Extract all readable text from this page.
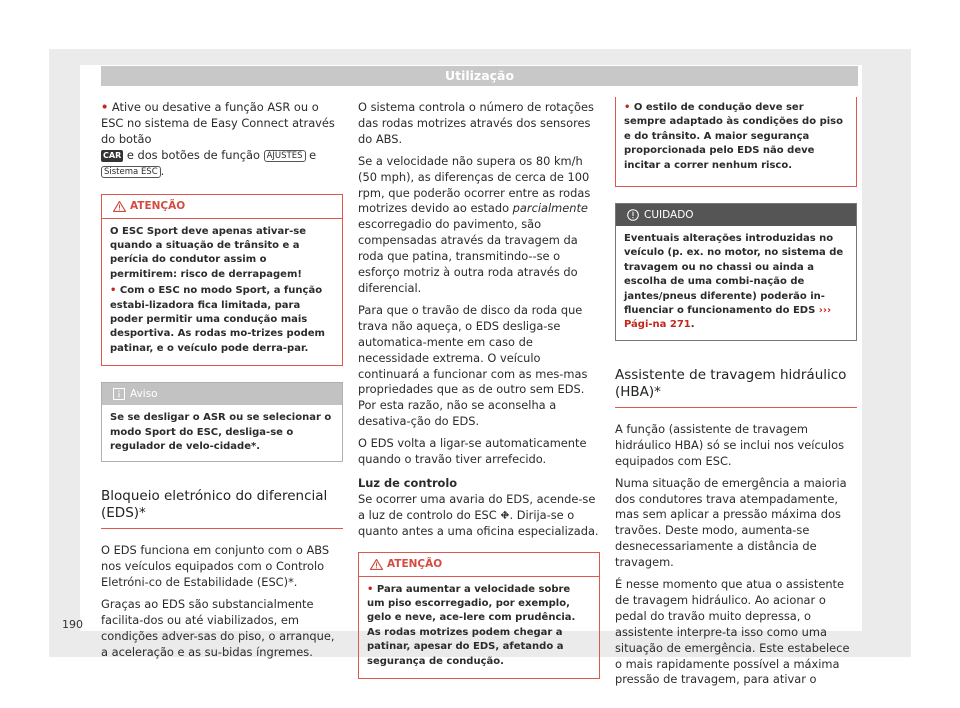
Utilização

• Ative ou desative a função ASR ou o ESC no sistema de Easy Connect através do botão
CAR e dos botões de função AJUSTES e
Sistema ESC .

ATENÇÃO

O ESC Sport deve apenas ativar-se quando a situação de trânsito e a perícia do condutor assim o permitirem: risco de derrapagem!

• Com o ESC no modo Sport, a função estabi-lizadora fica limitada, para poder permitir uma condução mais desportiva. As rodas mo-trizes podem patinar, e o veículo pode derra-par.

Aviso
Se se desligar o ASR ou se selecionar o modo Sport do ESC, desliga-se o regulador de velo-cidade*.
Bloqueio eletrónico do diferencial (EDS)*

O EDS funciona em conjunto com o ABS nos veículos equipados com o Controlo Eletróni-co de Estabilidade (ESC)*.

Graças ao EDS são substancialmente facilita-dos ou até viabilizados, em condições adver-sas do piso, o arranque, a aceleração e as su-bidas íngremes.

O sistema controla o número de rotações das rodas motrizes através dos sensores do ABS.

Se a velocidade não supera os 80 km/h (50 mph), as diferenças de cerca de 100 rpm, que poderão ocorrer entre as rodas motrizes devido ao estado parcialmente escorregadio do pavimento, são compensadas através da travagem da roda que patina, transmitindo--se o esforço motriz à outra roda através do diferencial.

Para que o travão de disco da roda que trava não aqueça, o EDS desliga-se automatica-mente em caso de necessidade extrema. O veículo continuará a funcionar com as mes-mas propriedades que as de outro sem EDS. Por esta razão, não se aconselha a desativa-ção do EDS.

O EDS volta a ligar-se automaticamente quando o travão tiver arrefecido.

Luz de controlo

Se ocorrer uma avaria do EDS, acende-se a luz de controlo do ESC ⛖. Dirija-se o quanto antes a uma oficina especializada.

ATENÇÃO

• Para aumentar a velocidade sobre um piso escorregadio, por exemplo, gelo e neve, ace-lere com prudência. As rodas motrizes podem chegar a patinar, apesar do EDS, afetando a segurança de condução.

• O estilo de condução deve ser sempre adaptado às condições do piso e do trânsito. A maior segurança proporcionada pelo EDS não deve incitar a correr nenhum risco.

CUIDADO
Eventuais alterações introduzidas no veículo (p. ex. no motor, no sistema de travagem ou no chassi ou ainda a escolha de uma combi-nação de jantes/pneus diferente) poderão in-fluenciar o funcionamento do EDS ››› Pági-na 271.
Assistente de travagem hidráulico (HBA)*

A função (assistente de travagem hidráulico HBA) só se inclui nos veículos equipados com ESC.

Numa situação de emergência a maioria dos condutores trava atempadamente, mas sem aplicar a pressão máxima dos travões. Deste modo, aumenta-se desnecessariamente a distância de travagem.

É nesse momento que atua o assistente de travagem hidráulico. Ao acionar o pedal do travão muito depressa, o assistente interpre-ta isso como uma situação de emergência. Este estabelece o mais rapidamente possível a máxima pressão de travagem, para ativar o

190
